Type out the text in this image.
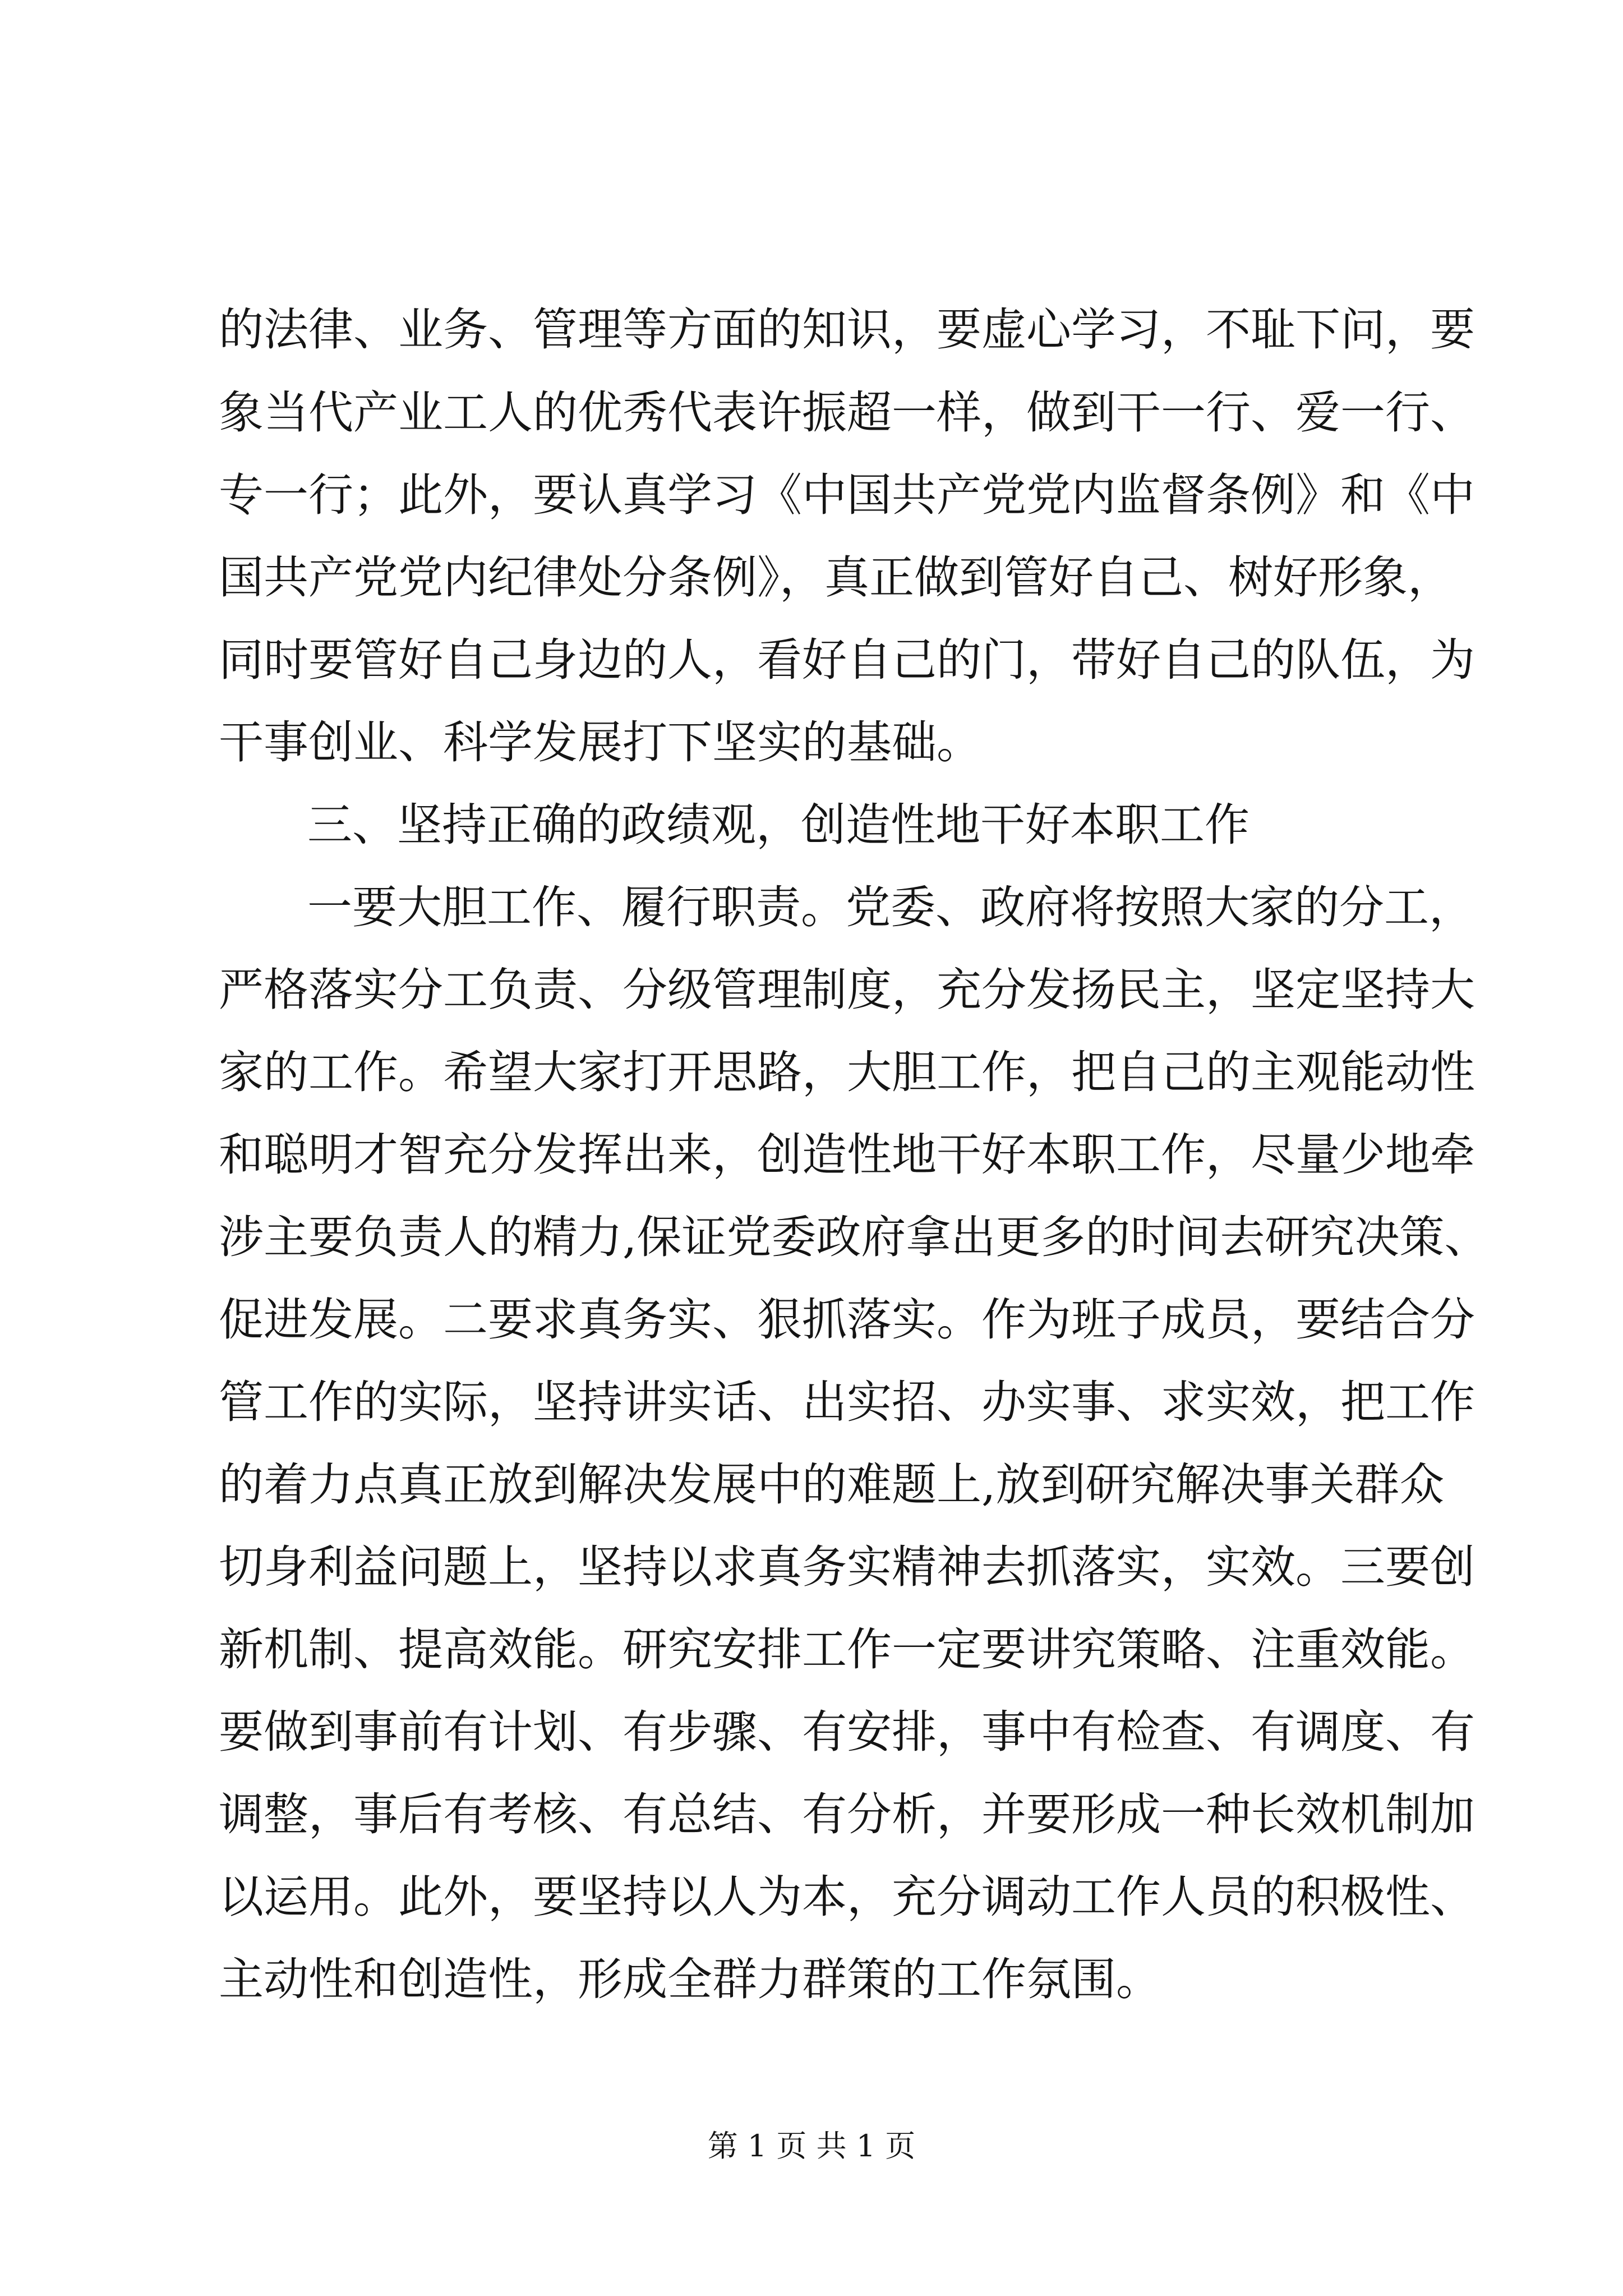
的法律、业务、管理等方面的知识，要虚心学习，不耻下问，要
象当代产业工人的优秀代表许振超一样，做到干一行、爱一行、
专一行；此外，要认真学习《中国共产党党内监督条例》和《中
国共产党党内纪律处分条例》，真正做到管好自己、树好形象，
同时要管好自己身边的人，看好自己的门，带好自己的队伍，为
干事创业、科学发展打下坚实的基础。
三、坚持正确的政绩观，创造性地干好本职工作
一要大胆工作、履行职责。党委、政府将按照大家的分工，
严格落实分工负责、分级管理制度，充分发扬民主，坚定坚持大
家的工作。希望大家打开思路，大胆工作，把自己的主观能动性
和聪明才智充分发挥出来，创造性地干好本职工作，尽量少地牵
涉主要负责人的精力,保证党委政府拿出更多的时间去研究决策、
促进发展。二要求真务实、狠抓落实。作为班子成员，要结合分
管工作的实际，坚持讲实话、出实招、办实事、求实效，把工作
的着力点真正放到解决发展中的难题上,放到研究解决事关群众
切身利益问题上，坚持以求真务实精神去抓落实，实效。三要创
新机制、提高效能。研究安排工作一定要讲究策略、注重效能。
要做到事前有计划、有步骤、有安排，事中有检查、有调度、有
调整，事后有考核、有总结、有分析，并要形成一种长效机制加
以运用。此外，要坚持以人为本，充分调动工作人员的积极性、
主动性和创造性，形成全群力群策的工作氛围。
第 1 页 共 1 页
